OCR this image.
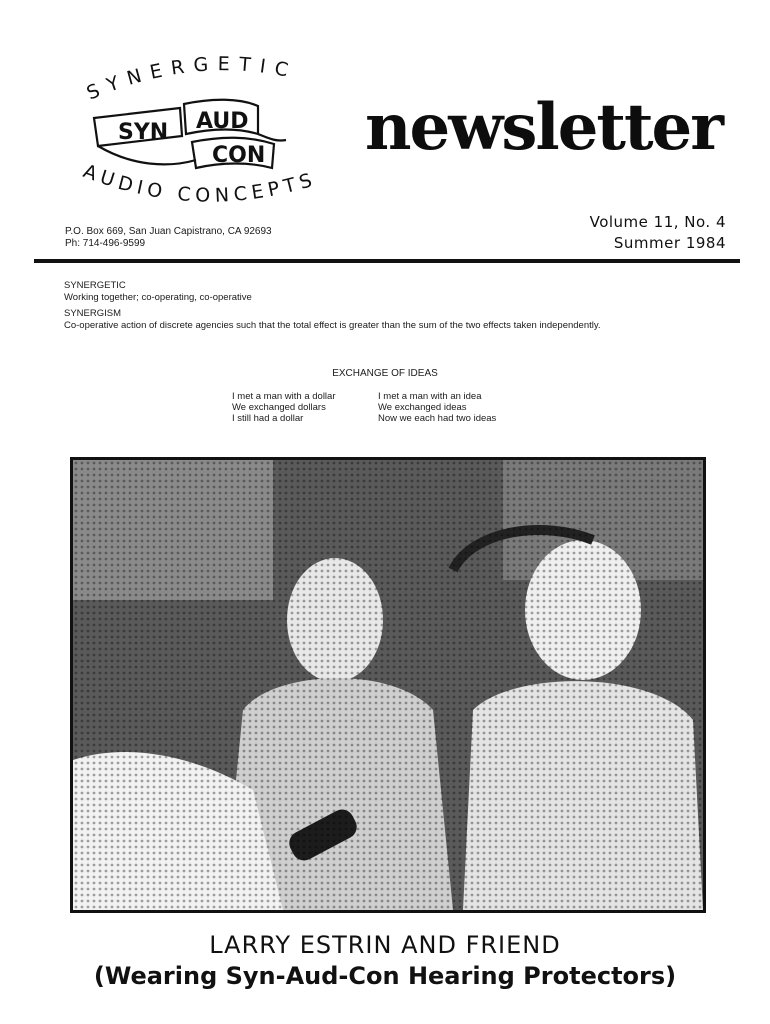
SYNERGETIC
SYN AUD
CON
AUDIO CONCEPTS
newsletter
P.O. Box 669, San Juan Capistrano, CA 92693
Ph: 714-496-9599
Volume 11, No. 4
Summer 1984
SYNERGETIC
Working together; co-operating, co-operative
SYNERGISM
Co-operative action of discrete agencies such that the total effect is greater than the sum of the two effects taken independently.
EXCHANGE OF IDEAS
I met a man with a dollar
We exchanged dollars
I still had a dollar
I met a man with an idea
We exchanged ideas
Now we each had two ideas
LARRY ESTRIN AND FRIEND
(Wearing Syn-Aud-Con Hearing Protectors)
